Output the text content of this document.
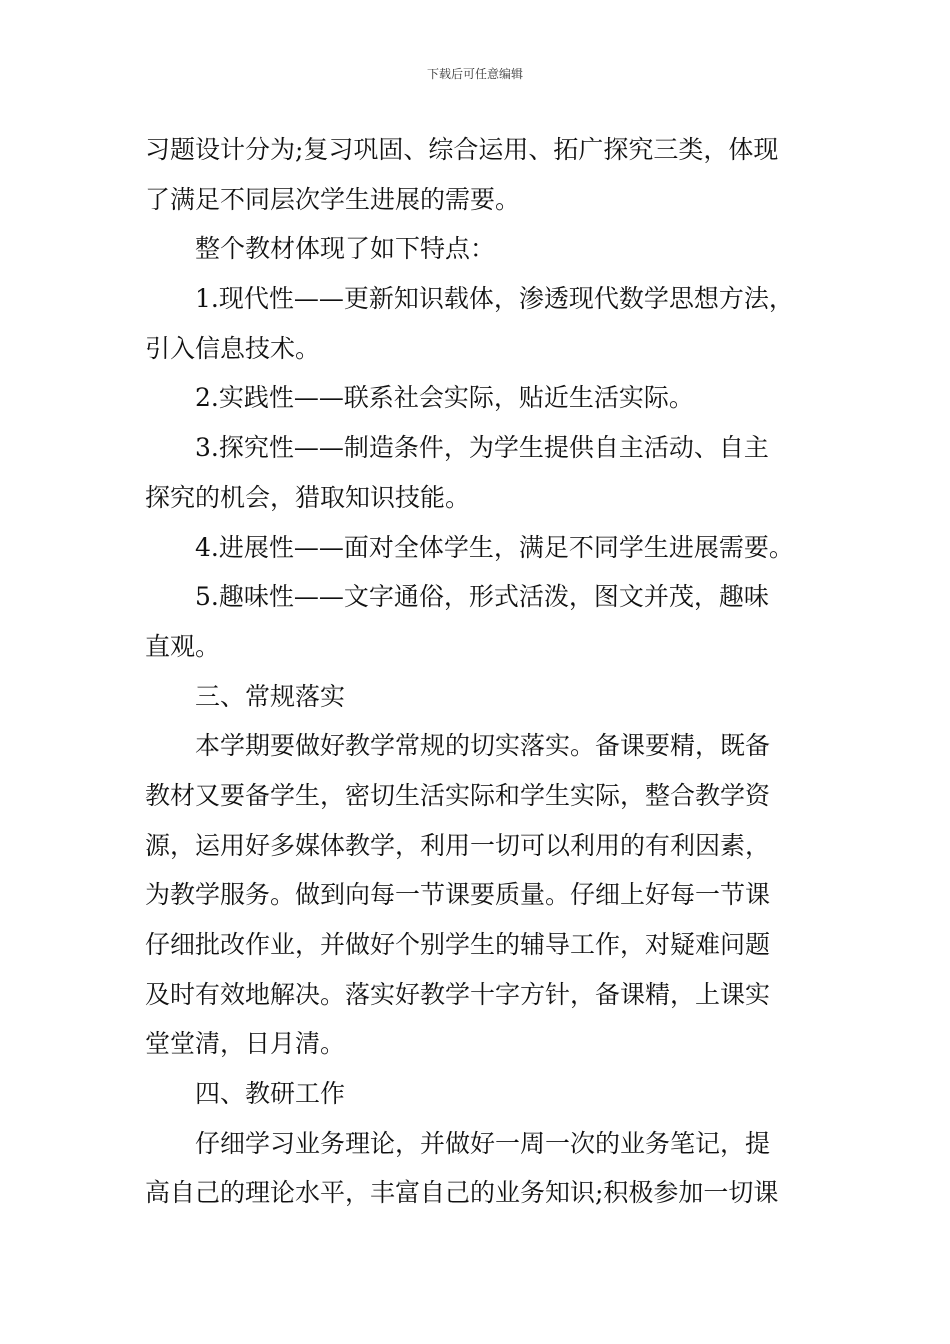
下载后可任意编辑
习题设计分为;复习巩固、综合运用、拓广探究三类，体现
了满足不同层次学生进展的需要。
整个教材体现了如下特点：
1.现代性——更新知识载体，渗透现代数学思想方法，
引入信息技术。
2.实践性——联系社会实际，贴近生活实际。
3.探究性——制造条件，为学生提供自主活动、自主
探究的机会，猎取知识技能。
4.进展性——面对全体学生，满足不同学生进展需要。
5.趣味性——文字通俗，形式活泼，图文并茂，趣味
直观。
三、常规落实
本学期要做好教学常规的切实落实。备课要精，既备
教材又要备学生，密切生活实际和学生实际，整合教学资
源，运用好多媒体教学，利用一切可以利用的有利因素，
为教学服务。做到向每一节课要质量。仔细上好每一节课
仔细批改作业，并做好个别学生的辅导工作，对疑难问题
及时有效地解决。落实好教学十字方针，备课精，上课实
堂堂清，日月清。
四、教研工作
仔细学习业务理论，并做好一周一次的业务笔记，提
高自己的理论水平，丰富自己的业务知识;积极参加一切课
